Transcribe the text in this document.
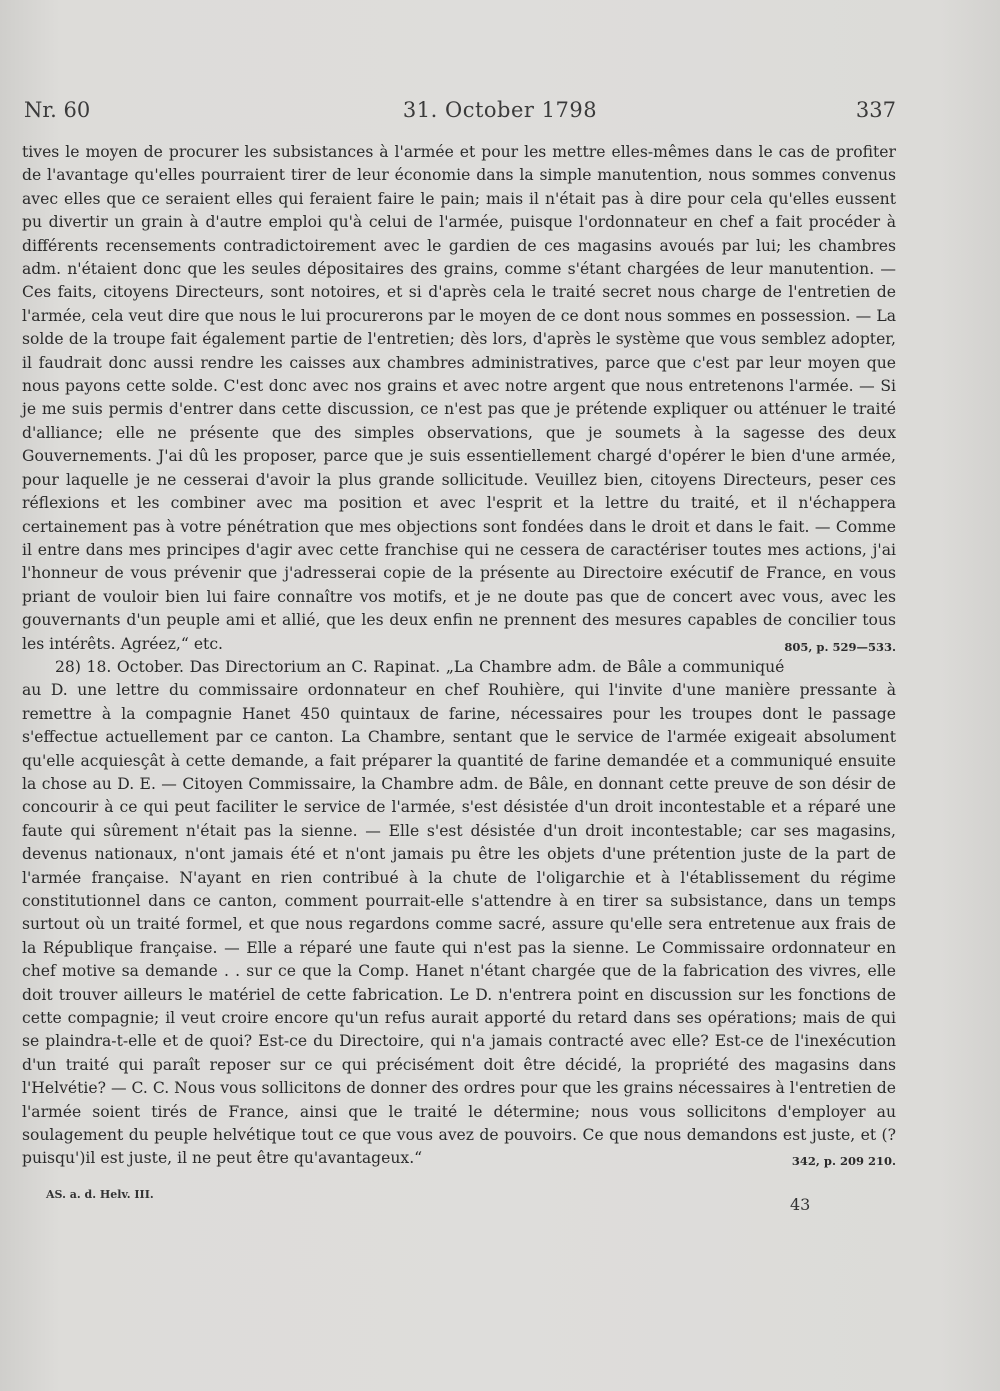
Nr. 60	31. October 1798	337

tives le moyen de procurer les subsistances à l'armée et pour les mettre elles-mêmes dans le cas de profiter de l'avantage qu'elles pourraient tirer de leur économie dans la simple manutention, nous sommes convenus avec elles que ce seraient elles qui feraient faire le pain; mais il n'était pas à dire pour cela qu'elles eussent pu divertir un grain à d'autre emploi qu'à celui de l'armée, puisque l'ordonnateur en chef a fait procéder à différents recensements contradictoirement avec le gardien de ces magasins avoués par lui; les chambres adm. n'étaient donc que les seules dépositaires des grains, comme s'étant chargées de leur manutention. — Ces faits, citoyens Directeurs, sont notoires, et si d'après cela le traité secret nous charge de l'entretien de l'armée, cela veut dire que nous le lui procurerons par le moyen de ce dont nous sommes en possession. — La solde de la troupe fait également partie de l'entretien; dès lors, d'après le système que vous semblez adopter, il faudrait donc aussi rendre les caisses aux chambres administratives, parce que c'est par leur moyen que nous payons cette solde. C'est donc avec nos grains et avec notre argent que nous entretenons l'armée. — Si je me suis permis d'entrer dans cette discussion, ce n'est pas que je prétende expliquer ou atténuer le traité d'alliance; elle ne présente que des simples observations, que je soumets à la sagesse des deux Gouvernements. J'ai dû les proposer, parce que je suis essentiellement chargé d'opérer le bien d'une armée, pour laquelle je ne cesserai d'avoir la plus grande sollicitude. Veuillez bien, citoyens Directeurs, peser ces réflexions et les combiner avec ma position et avec l'esprit et la lettre du traité, et il n'échappera certainement pas à votre pénétration que mes objections sont fondées dans le droit et dans le fait. — Comme il entre dans mes principes d'agir avec cette franchise qui ne cessera de caractériser toutes mes actions, j'ai l'honneur de vous prévenir que j'adresserai copie de la présente au Directoire exécutif de France, en vous priant de vouloir bien lui faire connaître vos motifs, et je ne doute pas que de concert avec vous, avec les gouvernants d'un peuple ami et allié, que les deux enfin ne prennent des mesures capables de concilier tous les intérêts. Agréez,“ etc.	805, p. 529—533.

28) 18. October. Das Directorium an C. Rapinat. „La Chambre adm. de Bâle a communiqué au D. une lettre du commissaire ordonnateur en chef Rouhière, qui l'invite d'une manière pressante à remettre à la compagnie Hanet 450 quintaux de farine, nécessaires pour les troupes dont le passage s'effectue actuellement par ce canton. La Chambre, sentant que le service de l'armée exigeait absolument qu'elle acquiesçât à cette demande, a fait préparer la quantité de farine demandée et a communiqué ensuite la chose au D. E. — Citoyen Commissaire, la Chambre adm. de Bâle, en donnant cette preuve de son désir de concourir à ce qui peut faciliter le service de l'armée, s'est désistée d'un droit incontestable et a réparé une faute qui sûrement n'était pas la sienne. — Elle s'est désistée d'un droit incontestable; car ses magasins, devenus nationaux, n'ont jamais été et n'ont jamais pu être les objets d'une prétention juste de la part de l'armée française. N'ayant en rien contribué à la chute de l'oligarchie et à l'établissement du régime constitutionnel dans ce canton, comment pourrait-elle s'attendre à en tirer sa subsistance, dans un temps surtout où un traité formel, et que nous regardons comme sacré, assure qu'elle sera entretenue aux frais de la République française. — Elle a réparé une faute qui n'est pas la sienne. Le Commissaire ordonnateur en chef motive sa demande . . sur ce que la Comp. Hanet n'étant chargée que de la fabrication des vivres, elle doit trouver ailleurs le matériel de cette fabrication. Le D. n'entrera point en discussion sur les fonctions de cette compagnie; il veut croire encore qu'un refus aurait apporté du retard dans ses opérations; mais de qui se plaindra-t-elle et de quoi? Est-ce du Directoire, qui n'a jamais contracté avec elle? Est-ce de l'inexécution d'un traité qui paraît reposer sur ce qui précisément doit être décidé, la propriété des magasins dans l'Helvétie? — C. C. Nous vous sollicitons de donner des ordres pour que les grains nécessaires à l'entretien de l'armée soient tirés de France, ainsi que le traité le détermine; nous vous sollicitons d'employer au soulagement du peuple helvétique tout ce que vous avez de pouvoirs. Ce que nous demandons est juste, et (?puisqu')il est juste, il ne peut être qu'avantageux.“	342, p. 209 210.

AS. a. d. Helv. III.
43
